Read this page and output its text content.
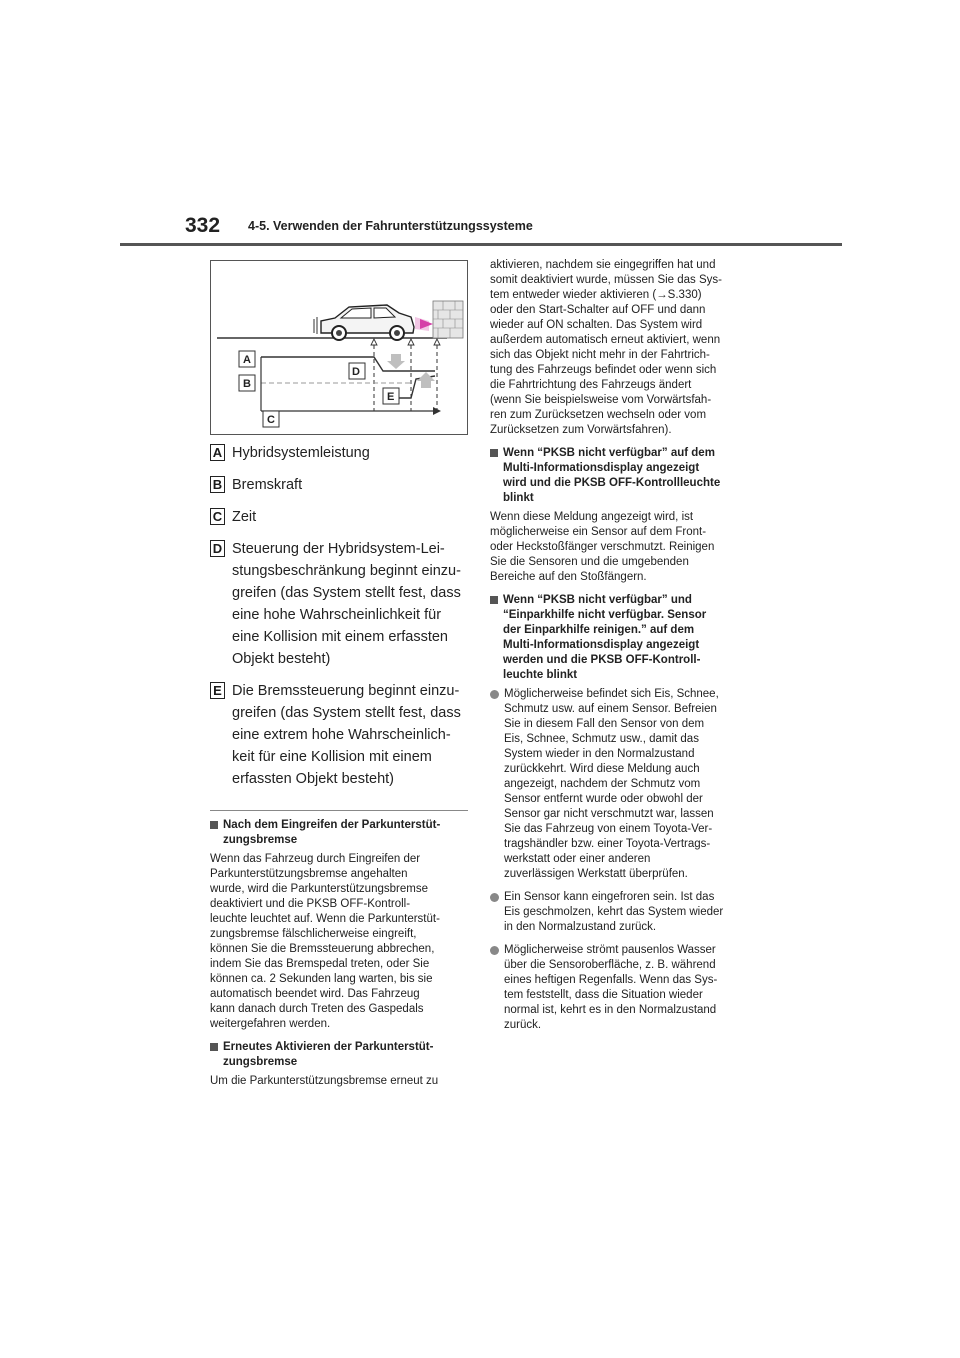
332 4-5. Verwenden der Fahrunterstützungssysteme
A
B
C
D
E
A Hybridsystemleistung
B Bremskraft
C Zeit
D Steuerung der Hybridsystem-Lei-
stungsbeschränkung beginnt einzu-
greifen (das System stellt fest, dass
eine hohe Wahrscheinlichkeit für
eine Kollision mit einem erfassten
Objekt besteht)
E Die Bremssteuerung beginnt einzu-
greifen (das System stellt fest, dass
eine extrem hohe Wahrscheinlich-
keit für eine Kollision mit einem
erfassten Objekt besteht)
Nach dem Eingreifen der Parkunterstüt-
zungsbremse
Wenn das Fahrzeug durch Eingreifen der
Parkunterstützungsbremse angehalten
wurde, wird die Parkunterstützungsbremse
deaktiviert und die PKSB OFF-Kontroll-
leuchte leuchtet auf. Wenn die Parkunterstüt-
zungsbremse fälschlicherweise eingreift,
können Sie die Bremssteuerung abbrechen,
indem Sie das Bremspedal treten, oder Sie
können ca. 2 Sekunden lang warten, bis sie
automatisch beendet wird. Das Fahrzeug
kann danach durch Treten des Gaspedals
weitergefahren werden.
Erneutes Aktivieren der Parkunterstüt-
zungsbremse
Um die Parkunterstützungsbremse erneut zu
aktivieren, nachdem sie eingegriffen hat und
somit deaktiviert wurde, müssen Sie das Sys-
tem entweder wieder aktivieren (→S.330)
oder den Start-Schalter auf OFF und dann
wieder auf ON schalten. Das System wird
außerdem automatisch erneut aktiviert, wenn
sich das Objekt nicht mehr in der Fahrtrich-
tung des Fahrzeugs befindet oder wenn sich
die Fahrtrichtung des Fahrzeugs ändert
(wenn Sie beispielsweise vom Vorwärtsfah-
ren zum Zurücksetzen wechseln oder vom
Zurücksetzen zum Vorwärtsfahren).
Wenn “PKSB nicht verfügbar” auf dem
Multi-Informationsdisplay angezeigt
wird und die PKSB OFF-Kontrollleuchte
blinkt
Wenn diese Meldung angezeigt wird, ist
möglicherweise ein Sensor auf dem Front-
oder Heckstoßfänger verschmutzt. Reinigen
Sie die Sensoren und die umgebenden
Bereiche auf den Stoßfängern.
Wenn “PKSB nicht verfügbar” und
“Einparkhilfe nicht verfügbar. Sensor
der Einparkhilfe reinigen.” auf dem
Multi-Informationsdisplay angezeigt
werden und die PKSB OFF-Kontroll-
leuchte blinkt
Möglicherweise befindet sich Eis, Schnee,
Schmutz usw. auf einem Sensor. Befreien
Sie in diesem Fall den Sensor von dem
Eis, Schnee, Schmutz usw., damit das
System wieder in den Normalzustand
zurückkehrt. Wird diese Meldung auch
angezeigt, nachdem der Schmutz vom
Sensor entfernt wurde oder obwohl der
Sensor gar nicht verschmutzt war, lassen
Sie das Fahrzeug von einem Toyota-Ver-
tragshändler bzw. einer Toyota-Vertrags-
werkstatt oder einer anderen
zuverlässigen Werkstatt überprüfen.
Ein Sensor kann eingefroren sein. Ist das
Eis geschmolzen, kehrt das System wieder
in den Normalzustand zurück.
Möglicherweise strömt pausenlos Wasser
über die Sensoroberfläche, z. B. während
eines heftigen Regenfalls. Wenn das Sys-
tem feststellt, dass die Situation wieder
normal ist, kehrt es in den Normalzustand
zurück.
